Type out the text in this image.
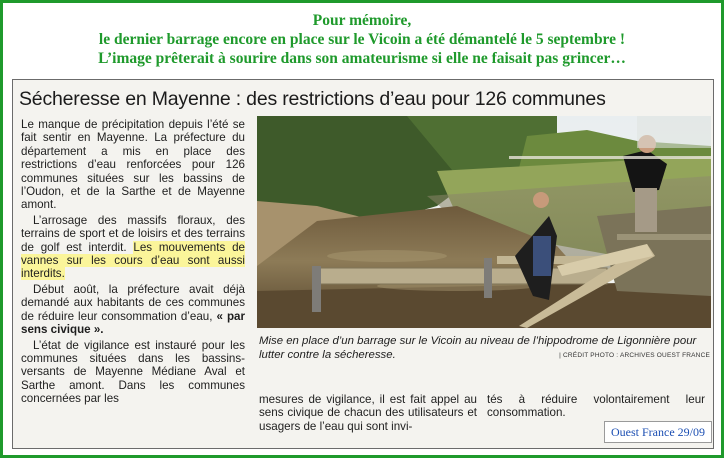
Pour mémoire,
le dernier barrage encore en place sur le Vicoin a été démantelé le 5 septembre !
L’image prêterait à sourire dans son amateurisme si elle ne faisait pas grincer…
Sécheresse en Mayenne : des restrictions d’eau pour 126 communes

Le manque de précipitation depuis l’été se fait sentir en Mayenne. La préfecture du département a mis en place des restrictions d’eau renforcées pour 126 communes situées sur les bassins de l’Oudon, et de la Sarthe et de Mayenne amont.

L’arrosage des massifs floraux, des terrains de sport et de loisirs et des terrains de golf est interdit. Les mouvements de vannes sur les cours d’eau sont aussi interdits.

Début août, la préfecture avait déjà demandé aux habitants de ces communes de réduire leur consommation d’eau, « par sens civique ».

L’état de vigilance est instauré pour les communes situées dans les bassins-versants de Mayenne Médiane Aval et Sarthe amont. Dans les communes concernées par les

Mise en place d’un barrage sur le Vicoin au niveau de l’hippodrome de Ligonnière pour lutter contre la sécheresse.	| CRÉDIT PHOTO : ARCHIVES OUEST FRANCE
mesures de vigilance, il est fait appel au sens civique de chacun des utilisateurs et usagers de l’eau qui sont invi-
tés à réduire volontairement leur consommation.
Ouest France 29/09
